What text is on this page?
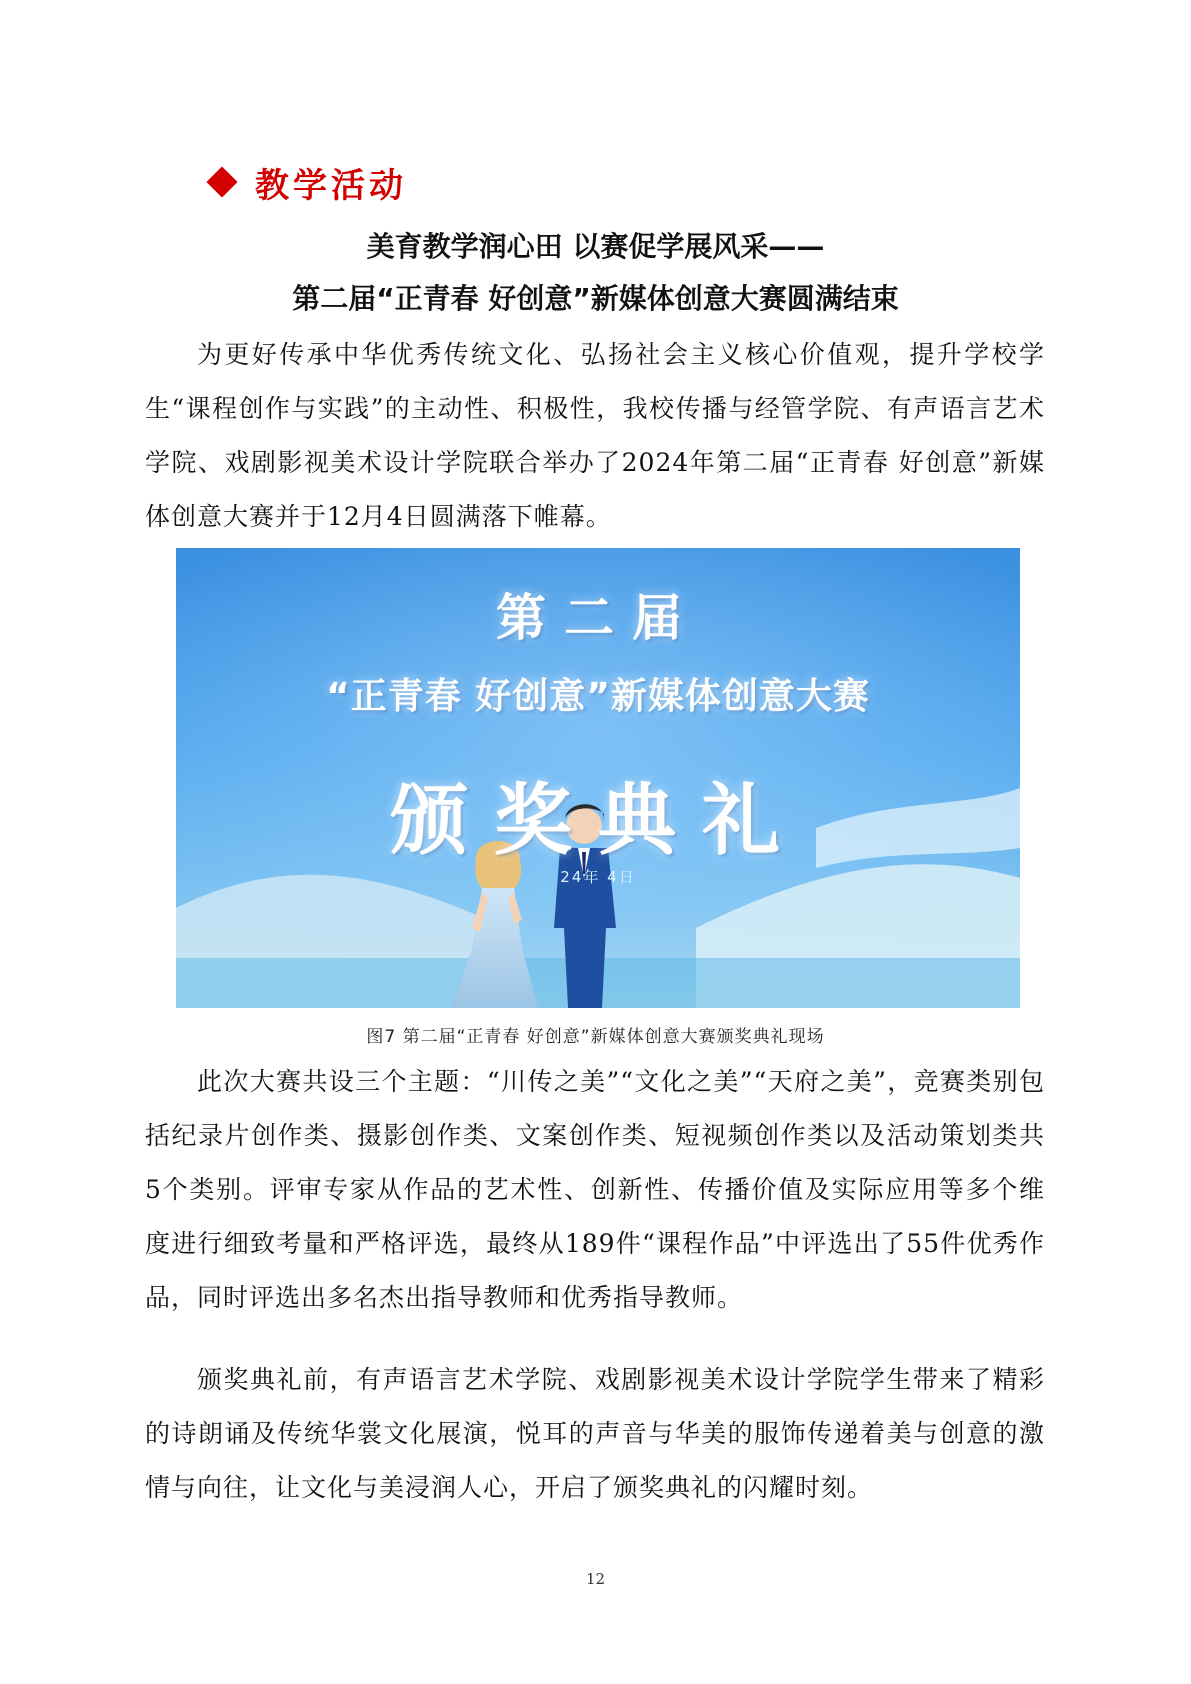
教学活动
美育教学润心田 以赛促学展风采——
第二届“正青春 好创意”新媒体创意大赛圆满结束

为更好传承中华优秀传统文化、弘扬社会主义核心价值观，提升学校学生“课程创作与实践”的主动性、积极性，我校传播与经管学院、有声语言艺术学院、戏剧影视美术设计学院联合举办了2024年第二届“正青春 好创意”新媒体创意大赛并于12月4日圆满落下帷幕。

第二届
“正青春 好创意”新媒体创意大赛
颁奖典礼
24年 4日
图7 第二届“正青春 好创意”新媒体创意大赛颁奖典礼现场

此次大赛共设三个主题：“川传之美”“文化之美”“天府之美”，竞赛类别包括纪录片创作类、摄影创作类、文案创作类、短视频创作类以及活动策划类共5个类别。评审专家从作品的艺术性、创新性、传播价值及实际应用等多个维度进行细致考量和严格评选，最终从189件“课程作品”中评选出了55件优秀作品，同时评选出多名杰出指导教师和优秀指导教师。

颁奖典礼前，有声语言艺术学院、戏剧影视美术设计学院学生带来了精彩的诗朗诵及传统华裳文化展演，悦耳的声音与华美的服饰传递着美与创意的激情与向往，让文化与美浸润人心，开启了颁奖典礼的闪耀时刻。

12
